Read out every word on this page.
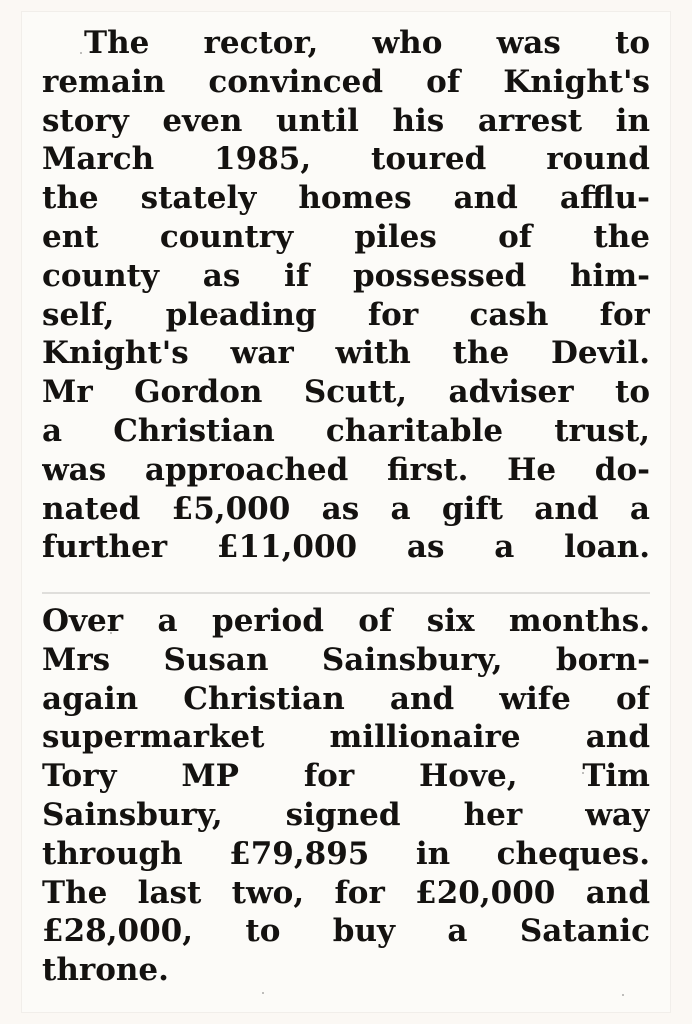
The rector, who was to
remain convinced of Knight's
story even until his arrest in
March 1985, toured round
the stately homes and afflu-
ent country piles of the
county as if possessed him-
self, pleading for cash for
Knight's war with the Devil.
Mr Gordon Scutt, adviser to
a Christian charitable trust,
was approached first. He do-
nated £5,000 as a gift and a
further £11,000 as a loan.
Over a period of six months.
Mrs Susan Sainsbury, born-
again Christian and wife of
supermarket millionaire and
Tory MP for Hove, Tim
Sainsbury, signed her way
through £79,895 in cheques.
The last two, for £20,000 and
£28,000, to buy a Satanic
throne.
